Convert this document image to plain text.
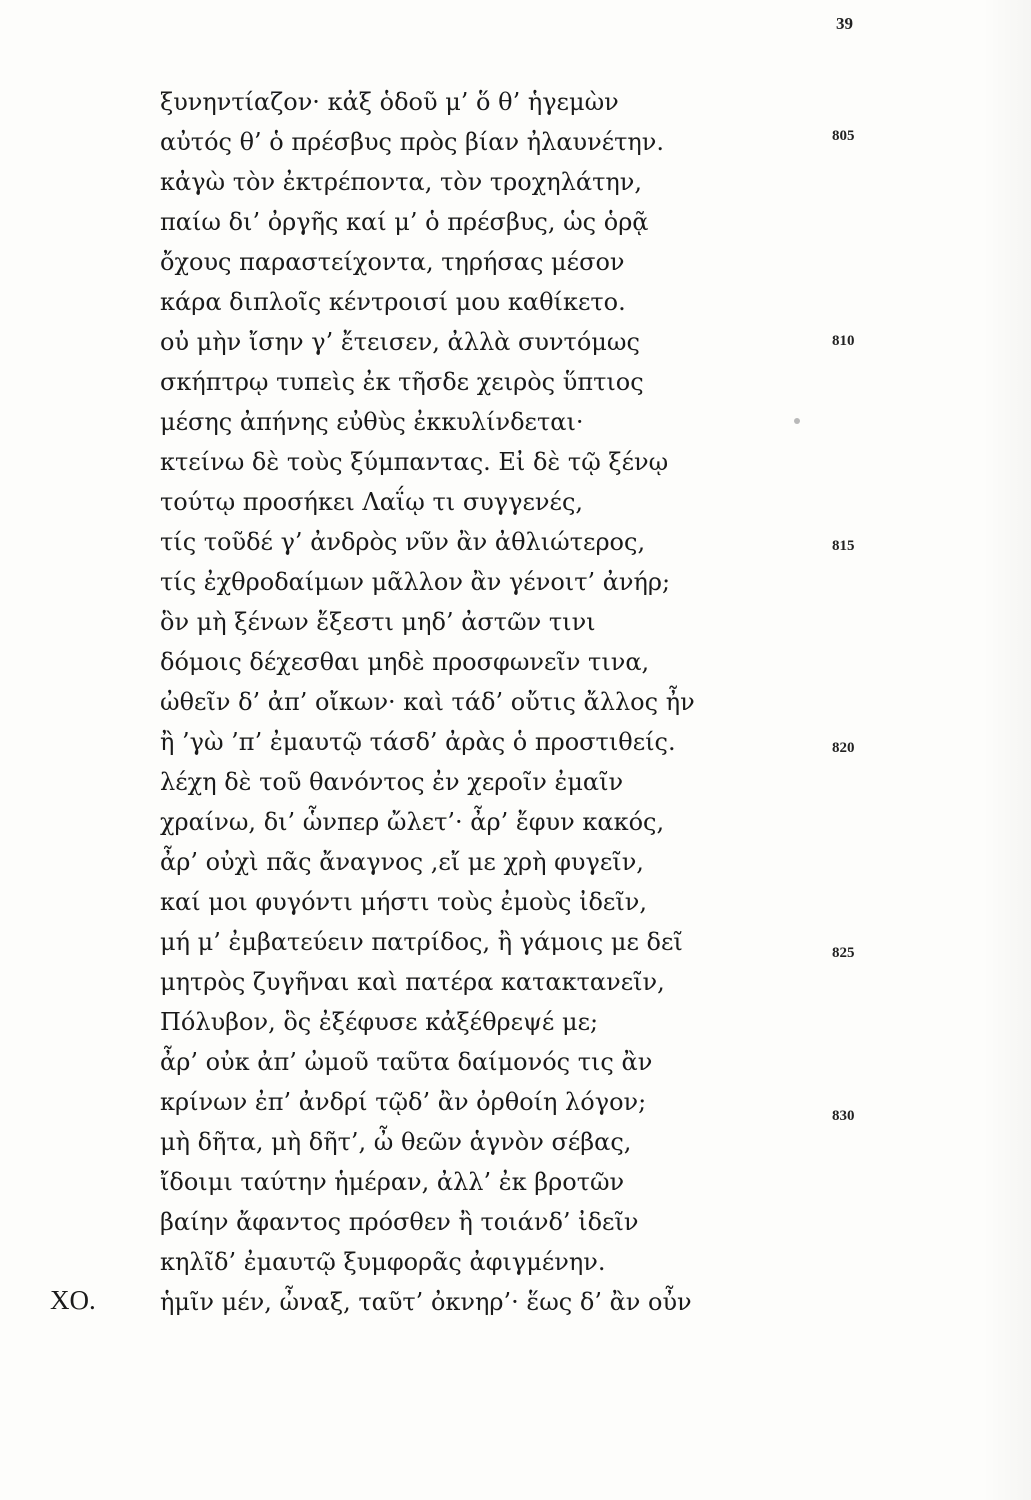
39
ξυνηντίαζον· κἀξ ὁδοῦ μ’ ὅ θ’ ἡγεμὼν
αὐτός θ’ ὁ πρέσβυς πρὸς βίαν ἠλαυνέτην.
κἀγὼ τὸν ἐκτρέποντα, τὸν τροχηλάτην,
παίω δι’ ὀργῆς καί μ’ ὁ πρέσβυς, ὡς ὁρᾷ
ὄχους παραστείχοντα, τηρήσας μέσον
κάρα διπλοῖς κέντροισί μου καθίκετο.
οὐ μὴν ἴσην γ’ ἔτεισεν, ἀλλὰ συντόμως
σκήπτρῳ τυπεὶς ἐκ τῆσδε χειρὸς ὕπτιος
μέσης ἀπήνης εὐθὺς ἐκκυλίνδεται·
κτείνω δὲ τοὺς ξύμπαντας. Εἰ δὲ τῷ ξένῳ
τούτῳ προσήκει Λαΐῳ τι συγγενές,
τίς τοῦδέ γ’ ἀνδρὸς νῦν ἂν ἀθλιώτερος,
τίς ἐχθροδαίμων μᾶλλον ἂν γένοιτ’ ἀνήρ;
ὃν μὴ ξένων ἔξεστι μηδ’ ἀστῶν τινι
δόμοις δέχεσθαι μηδὲ προσφωνεῖν τινα,
ὠθεῖν δ’ ἀπ’ οἴκων· καὶ τάδ’ οὔτις ἄλλος ἦν
ἢ ’γὼ ’π’ ἐμαυτῷ τάσδ’ ἀρὰς ὁ προστιθείς.
λέχη δὲ τοῦ θανόντος ἐν χεροῖν ἐμαῖν
χραίνω, δι’ ὧνπερ ὤλετ’· ἆρ’ ἔφυν κακός,
ἆρ’ οὐχὶ πᾶς ἄναγνος ,εἴ με χρὴ φυγεῖν,
καί μοι φυγόντι μήστι τοὺς ἐμοὺς ἰδεῖν,
μή μ’ ἐμβατεύειν πατρίδος, ἢ γάμοις με δεῖ
μητρὸς ζυγῆναι καὶ πατέρα κατακτανεῖν,
Πόλυβον, ὃς ἐξέφυσε κἀξέθρεψέ με;
ἆρ’ οὐκ ἀπ’ ὠμοῦ ταῦτα δαίμονός τις ἂν
κρίνων ἐπ’ ἀνδρί τῷδ’ ἂν ὀρθοίη λόγον;
μὴ δῆτα, μὴ δῆτ’, ὦ θεῶν ἁγνὸν σέβας,
ἴδοιμι ταύτην ἡμέραν, ἀλλ’ ἐκ βροτῶν
βαίην ἄφαντος πρόσθεν ἢ τοιάνδ’ ἰδεῖν
κηλῖδ’ ἐμαυτῷ ξυμφορᾶς ἀφιγμένην.
ἡμῖν μέν, ὦναξ, ταῦτ’ ὀκνηρ’· ἕως δ’ ἂν οὖν
ΧΟ.
805
810
815
820
825
830
